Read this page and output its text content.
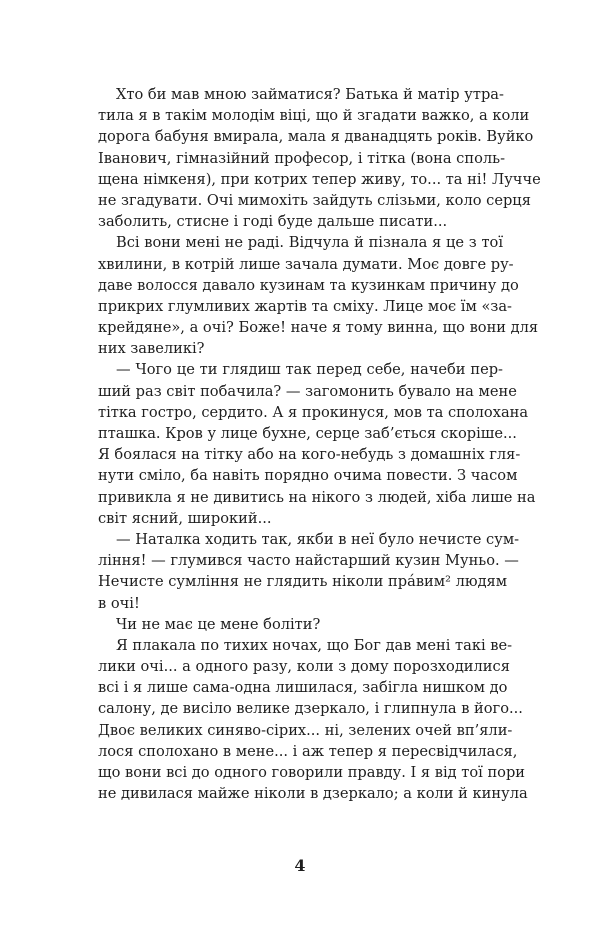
Хто би мав мною займатися? Батька й матір утра-
тила я в такім молодім віці, що й згадати важко, а коли
дорога бабуня вмирала, мала я дванадцять років. Вуйко
Іванович, гімназійний професор, і тітка (вона споль-
щена німкеня), при котрих тепер живу, то... та ні! Лучче
не згадувати. Очі мимохіть зайдуть слізьми, коло серця
заболить, стисне і годі буде дальше писати...
Всі вони мені не раді. Відчула й пізнала я це з тої
хвилини, в котрій лише зачала думати. Моє довге ру-
даве волосся давало кузинам та кузинкам причину до
прикрих глумливих жартів та сміху. Лице моє їм «за-
крейдяне», а очі? Боже! наче я тому винна, що вони для
них завеликі?
— Чого це ти глядиш так перед себе, начеби пер-
ший раз світ побачила? — загомонить бувало на мене
тітка гостро, сердито. А я прокинуся, мов та сполохана
пташка. Кров у лице бухне, серце заб’ється скоріше...
Я боялася на тітку або на кого-небудь з домашніх гля-
нути сміло, ба навіть порядно очима повести. З часом
привикла я не дивитись на нікого з людей, хіба лише на
світ ясний, широкий...
— Наталка ходить так, якби в неї було нечисте сум-
ління! — глумився часто найстарший кузин Муньо. —
Нечисте сумління не глядить ніколи прáвим² людям
в очі!
Чи не має це мене боліти?
Я плакала по тихих ночах, що Бог дав мені такі ве-
лики очі... а одного разу, коли з дому порозходилися
всі і я лише сама-одна лишилася, забігла нишком до
салону, де висіло велике дзеркало, і глипнула в його...
Двоє великих синяво-сірих... ні, зелених очей вп’яли-
лося сполохано в мене... і аж тепер я пересвідчилася,
що вони всі до одного говорили правду. І я від тої пори
не дивилася майже ніколи в дзеркало; а коли й кинула
4
